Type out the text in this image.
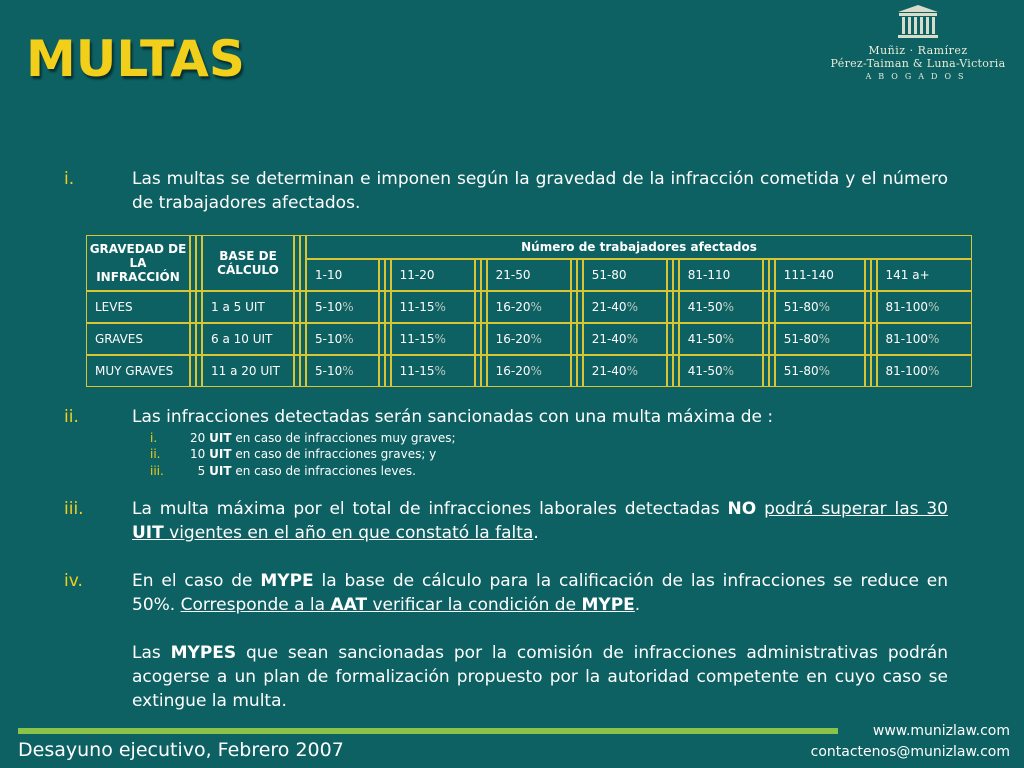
MULTAS	Muñiz · Ramírez
Pérez-Taiman & Luna-Victoria
ABOGADOS
i.	Las multas se determinan e imponen según la gravedad de la infracción cometida y el número de trabajadores afectados.
GRAVEDAD DE LA INFRACCIÓN			BASE DE CÁLCULO			Número de trabajadores afectados																		
						1-10			11-20			21-50			51-80			81-110			111-140			141 a+
LEVES			1 a 5 UIT			5-10%			11-15%			16-20%			21-40%			41-50%			51-80%			81-100%
GRAVES			6 a 10 UIT			5-10%			11-15%			16-20%			21-40%			41-50%			51-80%			81-100%
MUY GRAVES			11 a 20 UIT			5-10%			11-15%			16-20%			21-40%			41-50%			51-80%			81-100%
ii.	Las infracciones detectadas serán sancionadas con una multa máxima de :
i.	20 UIT en caso de infracciones muy graves;
ii. 10 UIT en caso de infracciones graves; y
iii.	5 UIT en caso de infracciones leves.
iii.	La multa máxima por el total de infracciones laborales detectadas NO podrá superar las 30 UIT vigentes en el año en que constató la falta.
iv.	En el caso de MYPE la base de cálculo para la calificación de las infracciones se reduce en 50%. Corresponde a la AAT verificar la condición de MYPE.
Las MYPES que sean sancionadas por la comisión de infracciones administrativas podrán acogerse a un plan de formalización propuesto por la autoridad competente en cuyo caso se extingue la multa.
Desayuno ejecutivo, Febrero 2007
www.munizlaw.com
contactenos@munizlaw.com
